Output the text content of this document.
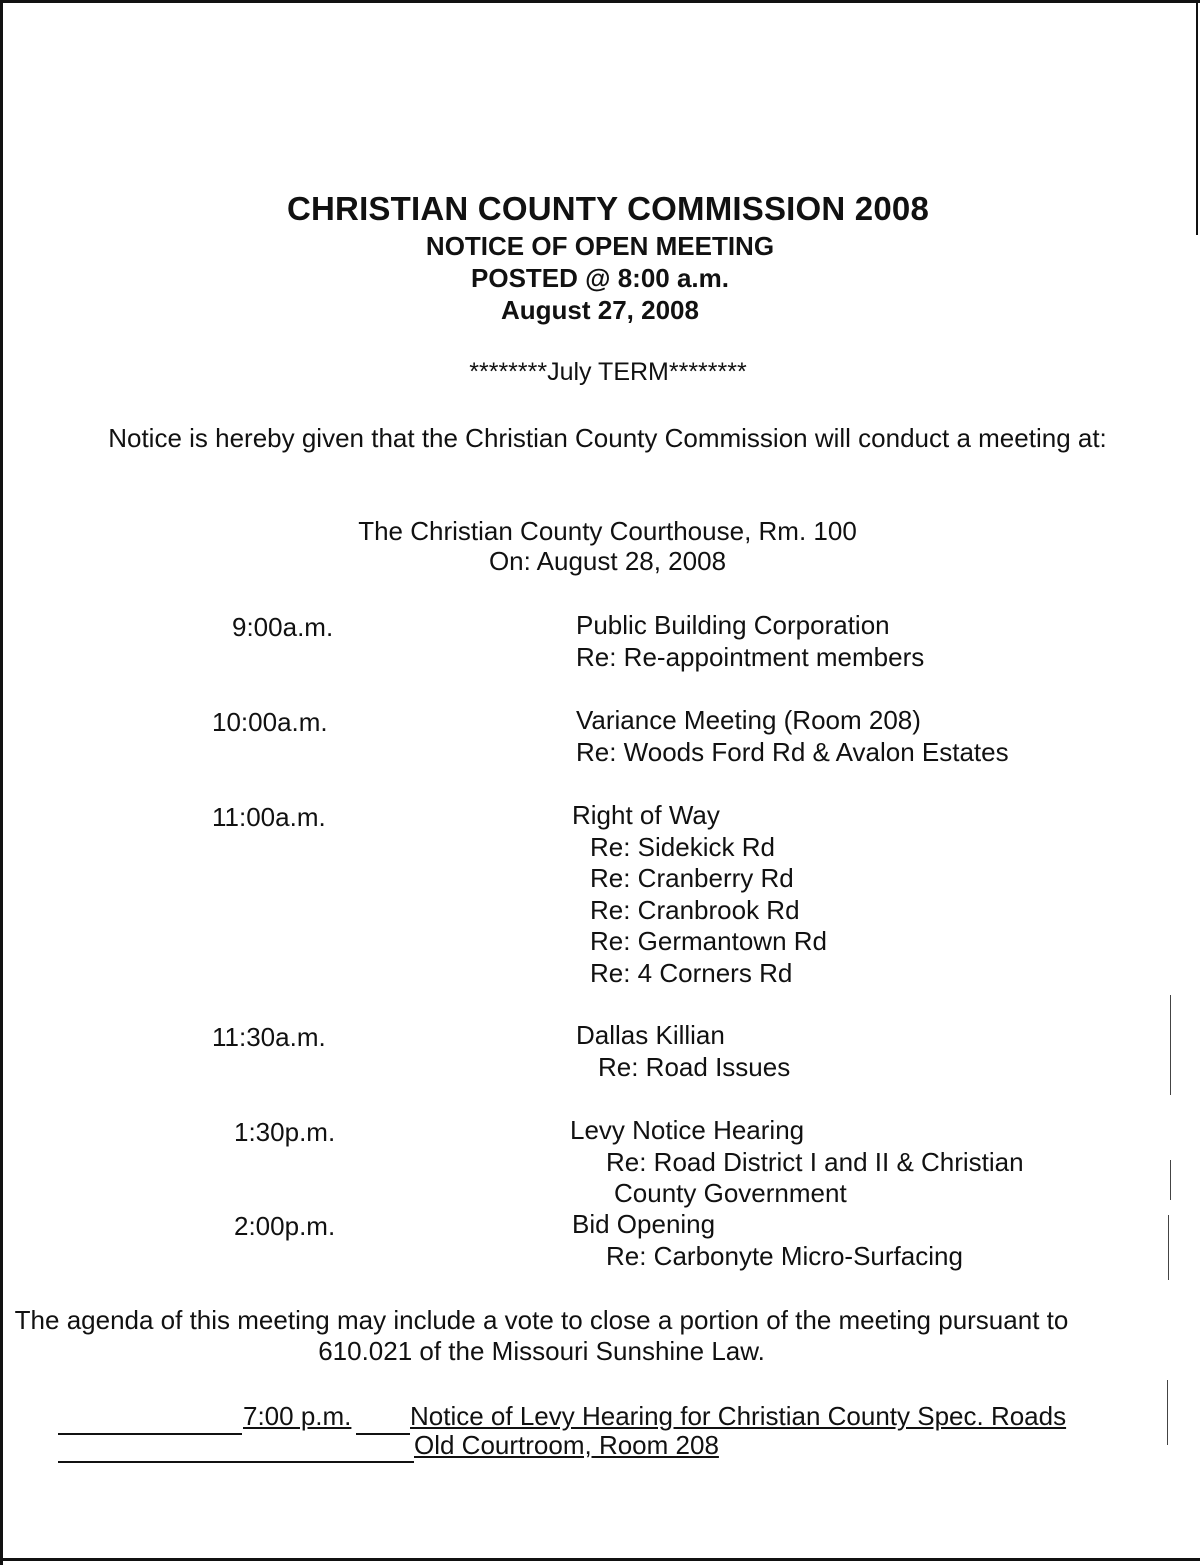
CHRISTIAN COUNTY COMMISSION 2008
NOTICE OF OPEN MEETING
POSTED @ 8:00 a.m.
August 27, 2008
********July TERM********
Notice is hereby given that the Christian County Commission will conduct a meeting at:
The Christian County Courthouse, Rm. 100
On: August 28, 2008
9:00a.m.	Public Building Corporation
Re: Re-appointment members
10:00a.m.	Variance Meeting (Room 208)
Re: Woods Ford Rd & Avalon Estates
11:00a.m.	Right of Way
Re: Sidekick Rd
Re: Cranberry Rd
Re: Cranbrook Rd
Re: Germantown Rd
Re: 4 Corners Rd
11:30a.m.	Dallas Killian
Re: Road Issues
1:30p.m.	Levy Notice Hearing
Re: Road District I and II & Christian
County Government
2:00p.m.	Bid Opening
Re: Carbonyte Micro-Surfacing
The agenda of this meeting may include a vote to close a portion of the meeting pursuant to 610.021 of the Missouri Sunshine Law.
7:00 p.m. Notice of Levy Hearing for Christian County Spec. Roads
Old Courtroom, Room 208
